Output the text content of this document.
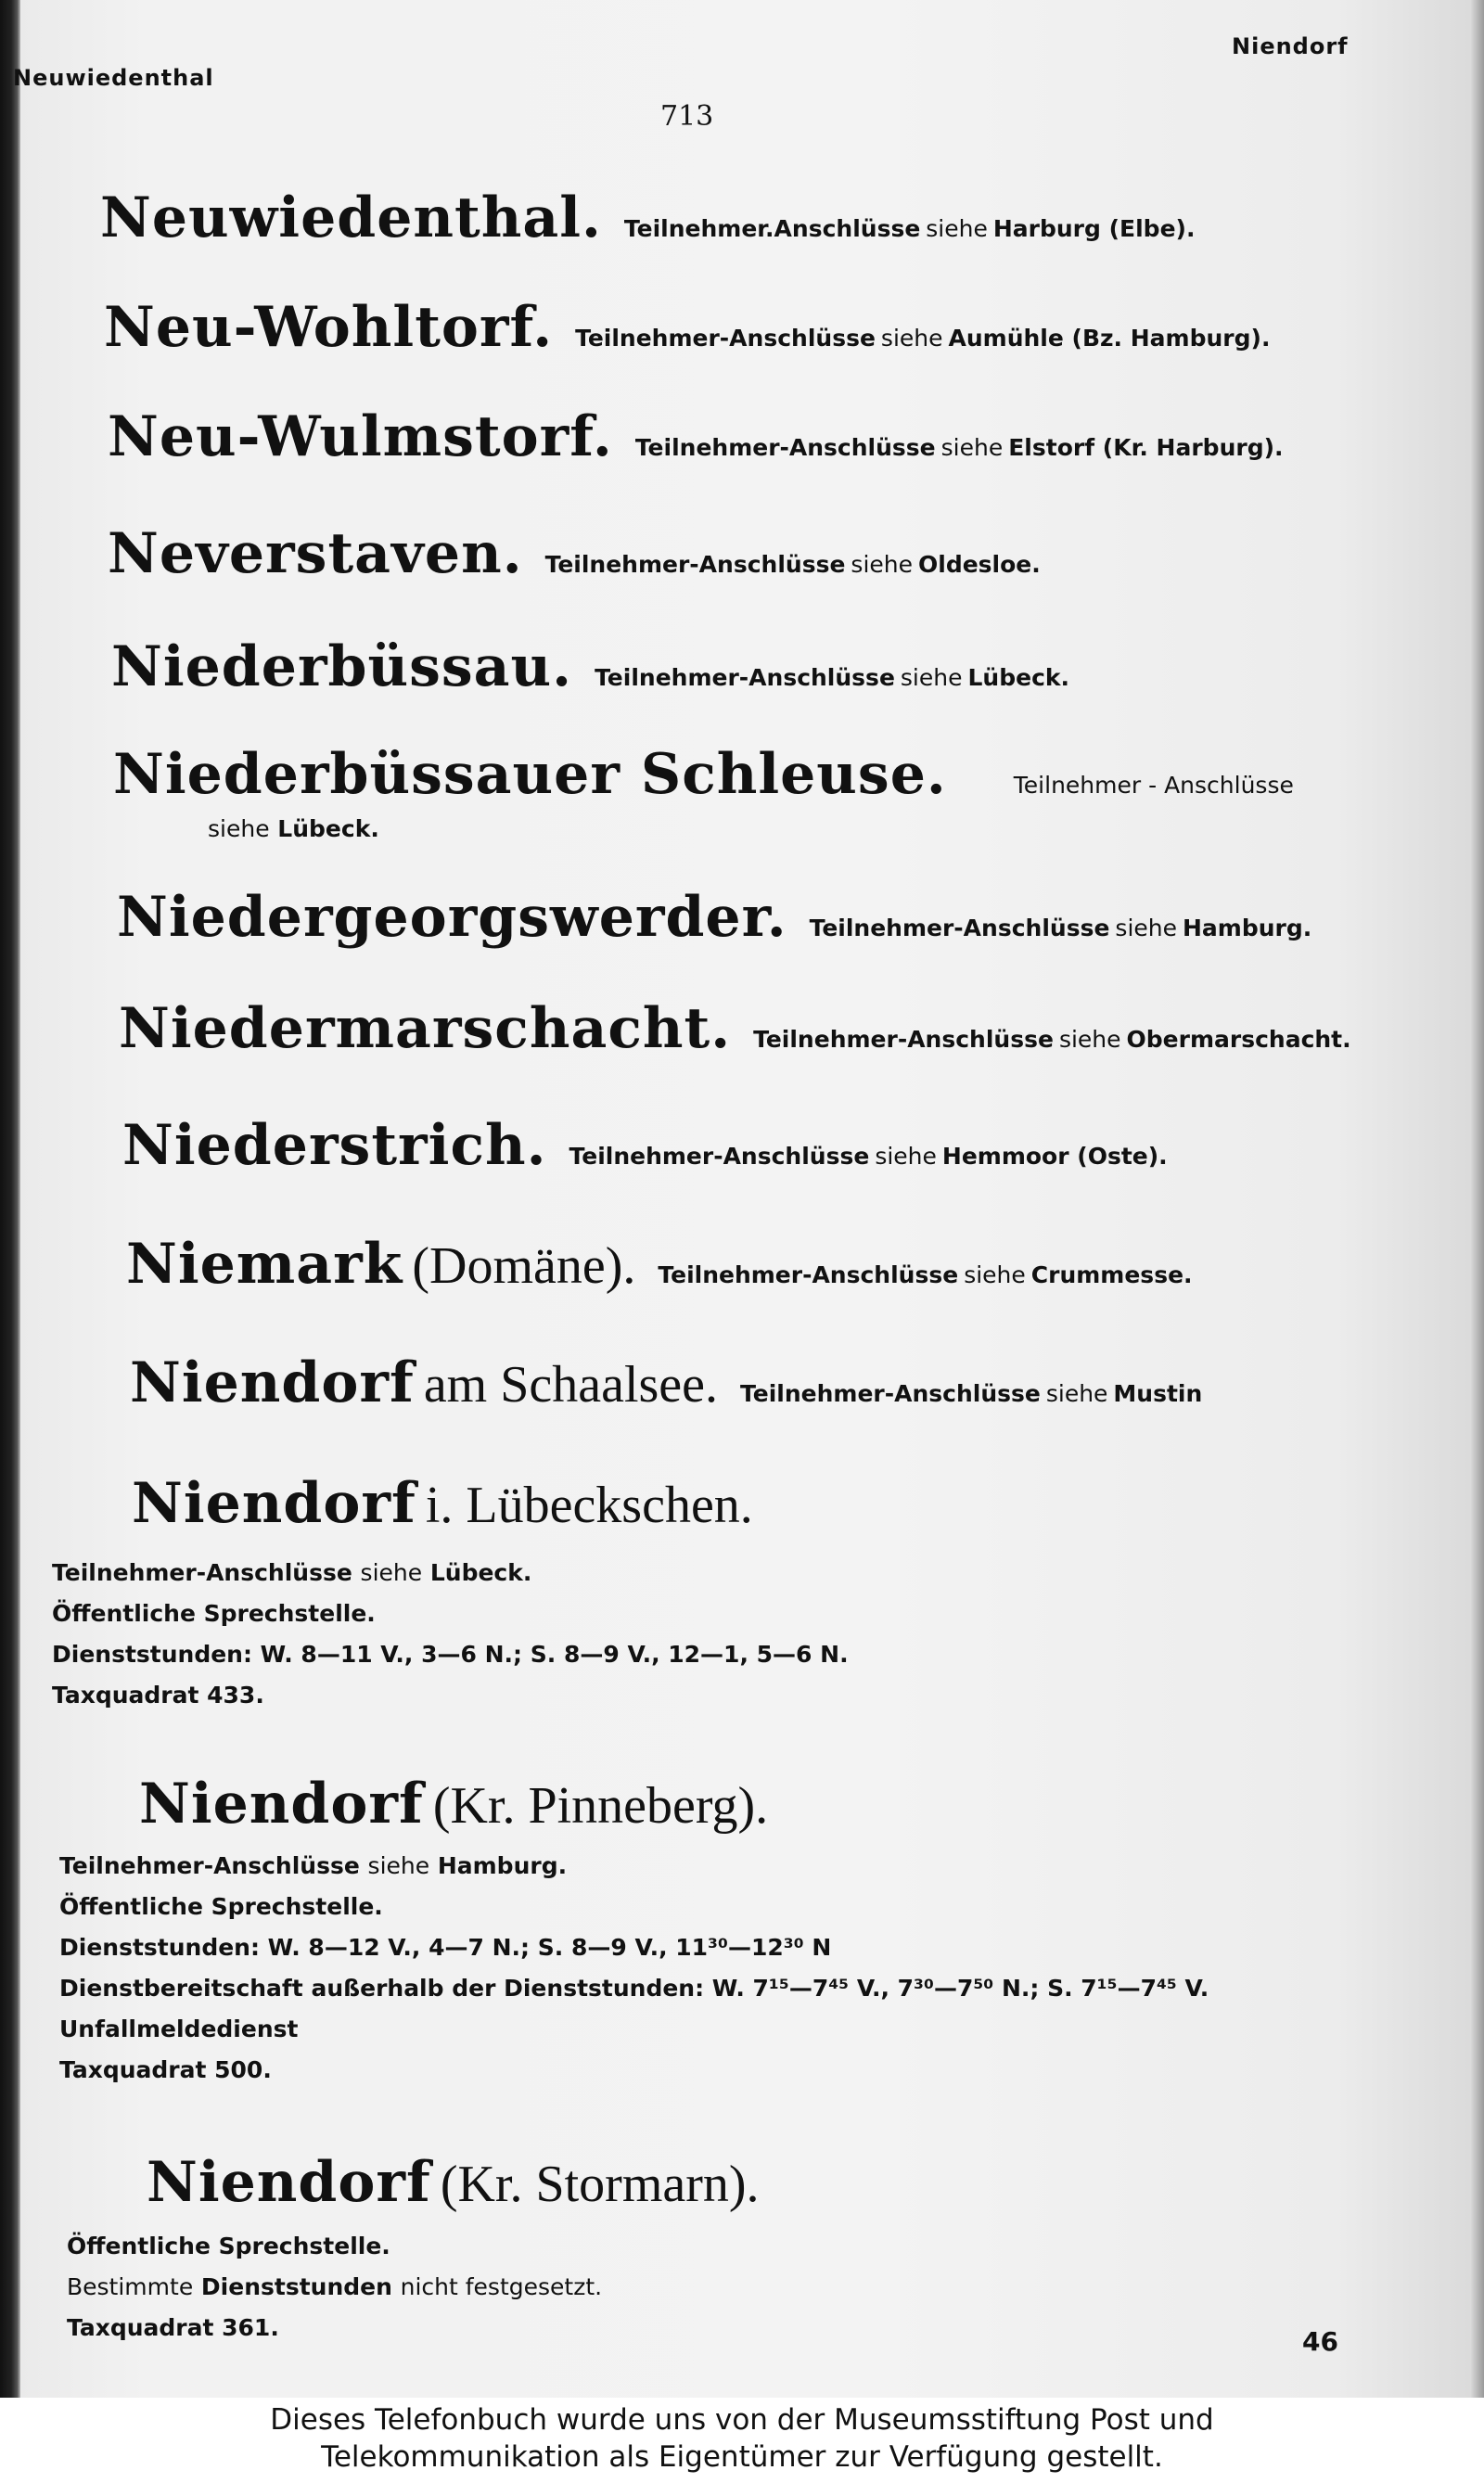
Neuwiedenthal
Niendorf
713
Neuwiedenthal. Teilnehmer.Anschlüsse siehe Harburg (Elbe).
Neu-Wohltorf. Teilnehmer-Anschlüsse siehe Aumühle (Bz. Hamburg).
Neu-Wulmstorf. Teilnehmer-Anschlüsse siehe Elstorf (Kr. Harburg).
Neverstaven. Teilnehmer-Anschlüsse siehe Oldesloe.
Niederbüssau. Teilnehmer-Anschlüsse siehe Lübeck.
Niederbüssauer Schleuse.	Teilnehmer - Anschlüsse
siehe Lübeck.
Niedergeorgswerder. Teilnehmer-Anschlüsse siehe Hamburg.
Niedermarschacht. Teilnehmer-Anschlüsse siehe Obermarschacht.
Niederstrich. Teilnehmer-Anschlüsse siehe Hemmoor (Oste).
Niemark (Domäne). Teilnehmer-Anschlüsse siehe Crummesse.
Niendorf am Schaalsee. Teilnehmer-Anschlüsse siehe Mustin
Niendorf i. Lübeckschen.
Teilnehmer-Anschlüsse siehe Lübeck.
Öffentliche Sprechstelle.
Dienststunden: W. 8—11 V., 3—6 N.; S. 8—9 V., 12—1, 5—6 N.
Taxquadrat 433.
Niendorf (Kr. Pinneberg).
Teilnehmer-Anschlüsse siehe Hamburg.
Öffentliche Sprechstelle.
Dienststunden: W. 8—12 V., 4—7 N.; S. 8—9 V., 11³⁰—12³⁰ N
Dienstbereitschaft außerhalb der Dienststunden: W. 7¹⁵—7⁴⁵ V., 7³⁰—7⁵⁰ N.; S. 7¹⁵—7⁴⁵ V.
Unfallmeldedienst
Taxquadrat 500.
Niendorf (Kr. Stormarn).
Öffentliche Sprechstelle.
Bestimmte Dienststunden nicht festgesetzt.
Taxquadrat 361.	46
Dieses Telefonbuch wurde uns von der Museumsstiftung Post und
Telekommunikation als Eigentümer zur Verfügung gestellt.
